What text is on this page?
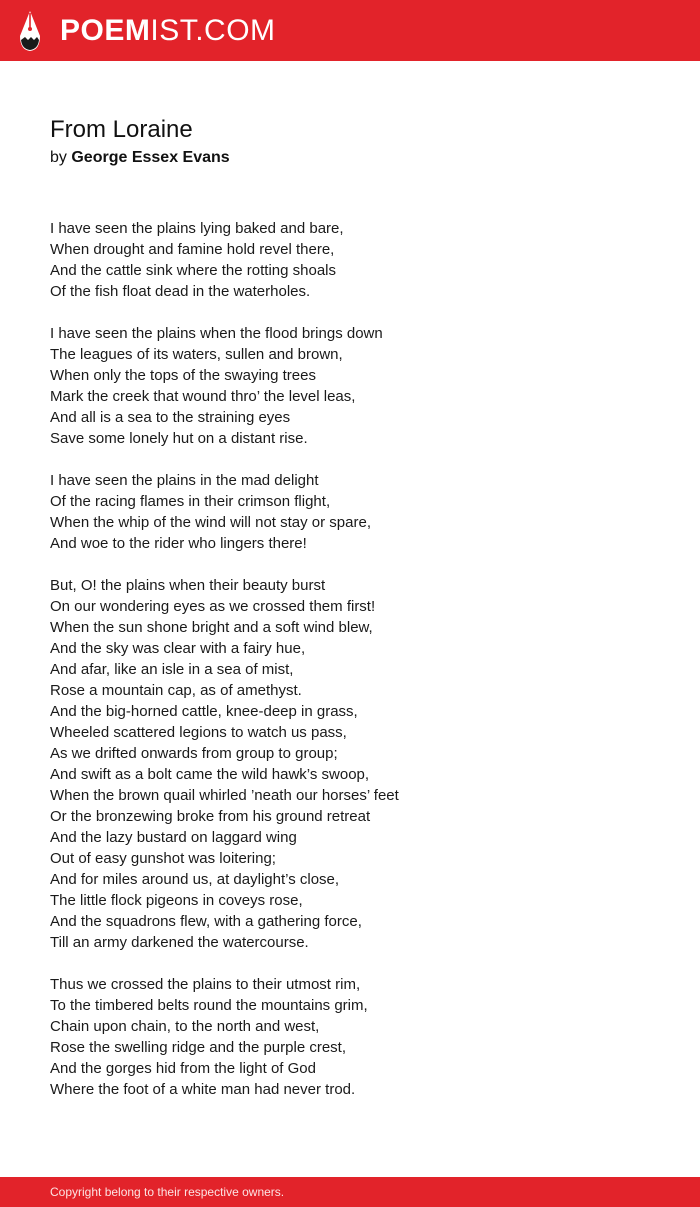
POEMIST.COM
From Loraine
by George Essex Evans
I have seen the plains lying baked and bare,
When drought and famine hold revel there,
And the cattle sink where the rotting shoals
Of the fish float dead in the waterholes.
I have seen the plains when the flood brings down
The leagues of its waters, sullen and brown,
When only the tops of the swaying trees
Mark the creek that wound thro’ the level leas,
And all is a sea to the straining eyes
Save some lonely hut on a distant rise.
I have seen the plains in the mad delight
Of the racing flames in their crimson flight,
When the whip of the wind will not stay or spare,
And woe to the rider who lingers there!
But, O! the plains when their beauty burst
On our wondering eyes as we crossed them first!
When the sun shone bright and a soft wind blew,
And the sky was clear with a fairy hue,
And afar, like an isle in a sea of mist,
Rose a mountain cap, as of amethyst.
And the big-horned cattle, knee-deep in grass,
Wheeled scattered legions to watch us pass,
As we drifted onwards from group to group;
And swift as a bolt came the wild hawk’s swoop,
When the brown quail whirled ’neath our horses’ feet
Or the bronzewing broke from his ground retreat
And the lazy bustard on laggard wing
Out of easy gunshot was loitering;
And for miles around us, at daylight’s close,
The little flock pigeons in coveys rose,
And the squadrons flew, with a gathering force,
Till an army darkened the watercourse.
Thus we crossed the plains to their utmost rim,
To the timbered belts round the mountains grim,
Chain upon chain, to the north and west,
Rose the swelling ridge and the purple crest,
And the gorges hid from the light of God
Where the foot of a white man had never trod.
Copyright belong to their respective owners.
